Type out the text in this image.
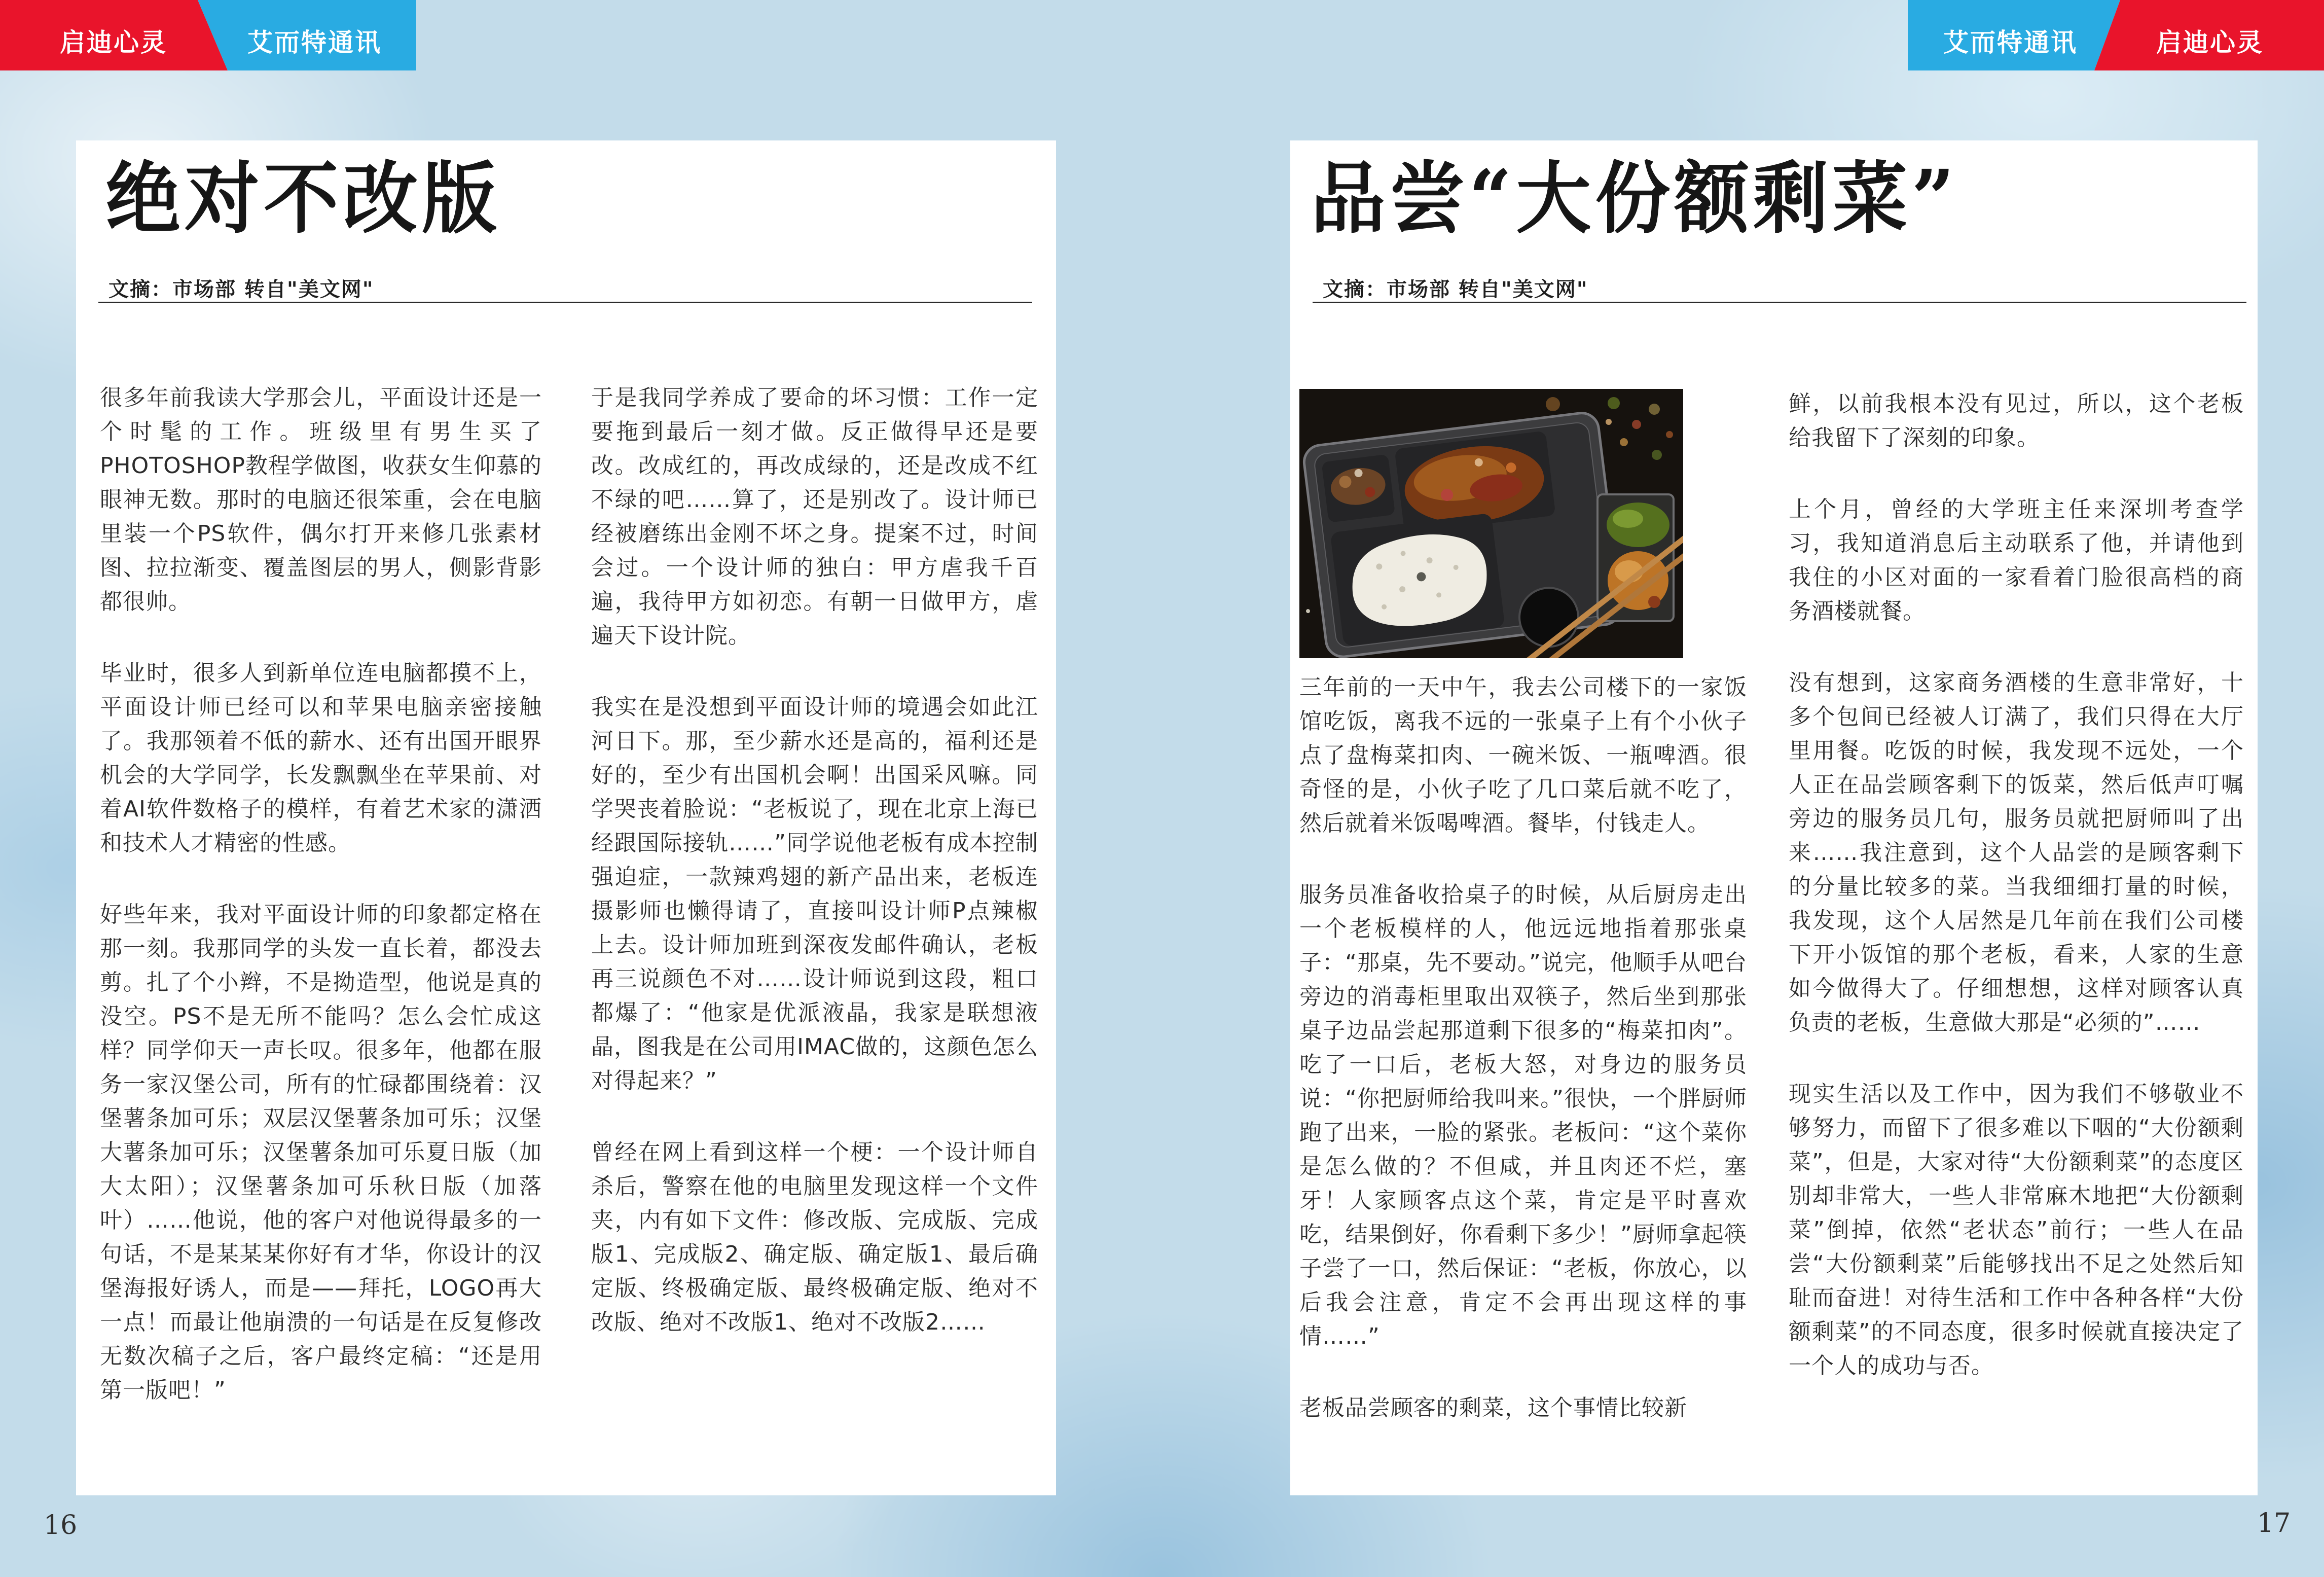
启迪心灵	艾而特通讯	艾而特通讯	启迪心灵
绝对不改版
文摘：市场部 转自"美文网"

很多年前我读大学那会儿，平面设计还是一个时髦的工作。班级里有男生买了PHOTOSHOP教程学做图，收获女生仰慕的眼神无数。那时的电脑还很笨重，会在电脑里装一个PS软件，偶尔打开来修几张素材图、拉拉渐变、覆盖图层的男人，侧影背影都很帅。

毕业时，很多人到新单位连电脑都摸不上，平面设计师已经可以和苹果电脑亲密接触了。我那领着不低的薪水、还有出国开眼界机会的大学同学，长发飘飘坐在苹果前、对着AI软件数格子的模样，有着艺术家的潇洒和技术人才精密的性感。

好些年来，我对平面设计师的印象都定格在那一刻。我那同学的头发一直长着，都没去剪。扎了个小辫，不是拗造型，他说是真的没空。PS不是无所不能吗？怎么会忙成这样？同学仰天一声长叹。很多年，他都在服务一家汉堡公司，所有的忙碌都围绕着：汉堡薯条加可乐；双层汉堡薯条加可乐；汉堡大薯条加可乐；汉堡薯条加可乐夏日版（加大太阳）；汉堡薯条加可乐秋日版（加落叶）……他说，他的客户对他说得最多的一句话，不是某某某你好有才华，你设计的汉堡海报好诱人，而是——拜托，LOGO再大一点！而最让他崩溃的一句话是在反复修改无数次稿子之后，客户最终定稿：“还是用第一版吧！”

于是我同学养成了要命的坏习惯：工作一定要拖到最后一刻才做。反正做得早还是要改。改成红的，再改成绿的，还是改成不红不绿的吧……算了，还是别改了。设计师已经被磨练出金刚不坏之身。提案不过，时间会过。一个设计师的独白：甲方虐我千百遍，我待甲方如初恋。有朝一日做甲方，虐遍天下设计院。

我实在是没想到平面设计师的境遇会如此江河日下。那，至少薪水还是高的，福利还是好的，至少有出国机会啊！出国采风嘛。同学哭丧着脸说：“老板说了，现在北京上海已经跟国际接轨……”同学说他老板有成本控制强迫症，一款辣鸡翅的新产品出来，老板连摄影师也懒得请了，直接叫设计师P点辣椒上去。设计师加班到深夜发邮件确认，老板再三说颜色不对……设计师说到这段，粗口都爆了：“他家是优派液晶，我家是联想液晶，图我是在公司用IMAC做的，这颜色怎么对得起来？”

曾经在网上看到这样一个梗：一个设计师自杀后，警察在他的电脑里发现这样一个文件夹，内有如下文件：修改版、完成版、完成版1、完成版2、确定版、确定版1、最后确定版、终极确定版、最终极确定版、绝对不改版、绝对不改版1、绝对不改版2……

品尝“大份额剩菜”
文摘：市场部 转自"美文网"

三年前的一天中午，我去公司楼下的一家饭馆吃饭，离我不远的一张桌子上有个小伙子点了盘梅菜扣肉、一碗米饭、一瓶啤酒。很奇怪的是，小伙子吃了几口菜后就不吃了，然后就着米饭喝啤酒。餐毕，付钱走人。

服务员准备收拾桌子的时候，从后厨房走出一个老板模样的人，他远远地指着那张桌子：“那桌，先不要动。”说完，他顺手从吧台旁边的消毒柜里取出双筷子，然后坐到那张桌子边品尝起那道剩下很多的“梅菜扣肉”。吃了一口后，老板大怒，对身边的服务员说：“你把厨师给我叫来。”很快，一个胖厨师跑了出来，一脸的紧张。老板问：“这个菜你是怎么做的？不但咸，并且肉还不烂，塞牙！人家顾客点这个菜，肯定是平时喜欢吃，结果倒好，你看剩下多少！”厨师拿起筷子尝了一口，然后保证：“老板，你放心，以后我会注意，肯定不会再出现这样的事情……”

老板品尝顾客的剩菜，这个事情比较新

鲜，以前我根本没有见过，所以，这个老板给我留下了深刻的印象。

上个月，曾经的大学班主任来深圳考查学习，我知道消息后主动联系了他，并请他到我住的小区对面的一家看着门脸很高档的商务酒楼就餐。

没有想到，这家商务酒楼的生意非常好，十多个包间已经被人订满了，我们只得在大厅里用餐。吃饭的时候，我发现不远处，一个人正在品尝顾客剩下的饭菜，然后低声叮嘱旁边的服务员几句，服务员就把厨师叫了出来……我注意到，这个人品尝的是顾客剩下的分量比较多的菜。当我细细打量的时候，我发现，这个人居然是几年前在我们公司楼下开小饭馆的那个老板，看来，人家的生意如今做得大了。仔细想想，这样对顾客认真负责的老板，生意做大那是“必须的”……

现实生活以及工作中，因为我们不够敬业不够努力，而留下了很多难以下咽的“大份额剩菜”，但是，大家对待“大份额剩菜”的态度区别却非常大，一些人非常麻木地把“大份额剩菜”倒掉，依然“老状态”前行；一些人在品尝“大份额剩菜”后能够找出不足之处然后知耻而奋进！对待生活和工作中各种各样“大份额剩菜”的不同态度，很多时候就直接决定了一个人的成功与否。

16	17
